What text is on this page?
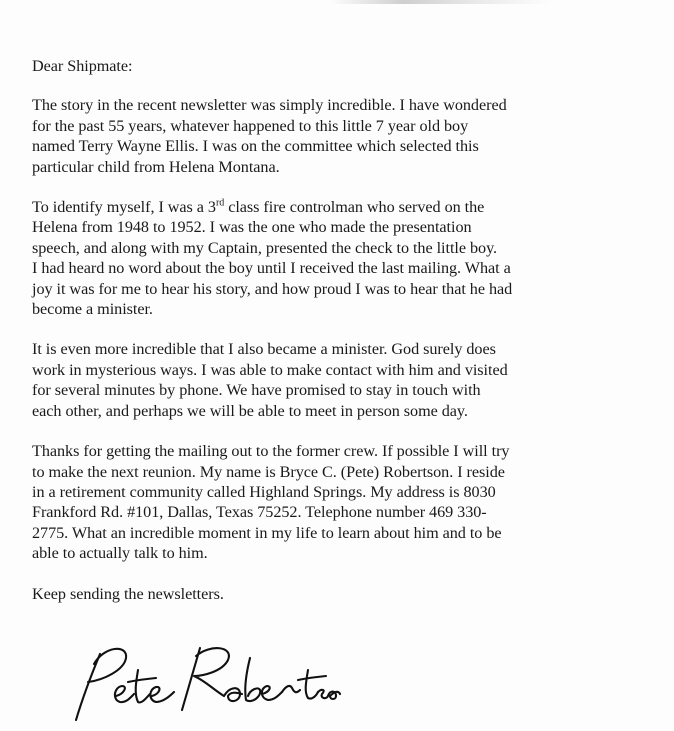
Dear Shipmate:

The story in the recent newsletter was simply incredible. I have wondered
for the past 55 years, whatever happened to this little 7 year old boy
named Terry Wayne Ellis. I was on the committee which selected this
particular child from Helena Montana.

To identify myself, I was a 3rd class fire controlman who served on the
Helena from 1948 to 1952. I was the one who made the presentation
speech, and along with my Captain, presented the check to the little boy.
I had heard no word about the boy until I received the last mailing. What a
joy it was for me to hear his story, and how proud I was to hear that he had
become a minister.

It is even more incredible that I also became a minister. God surely does
work in mysterious ways. I was able to make contact with him and visited
for several minutes by phone. We have promised to stay in touch with
each other, and perhaps we will be able to meet in person some day.

Thanks for getting the mailing out to the former crew. If possible I will try
to make the next reunion. My name is Bryce C. (Pete) Robertson. I reside
in a retirement community called Highland Springs. My address is 8030
Frankford Rd. #101, Dallas, Texas 75252. Telephone number 469 330-
2775. What an incredible moment in my life to learn about him and to be
able to actually talk to him.

Keep sending the newsletters.
